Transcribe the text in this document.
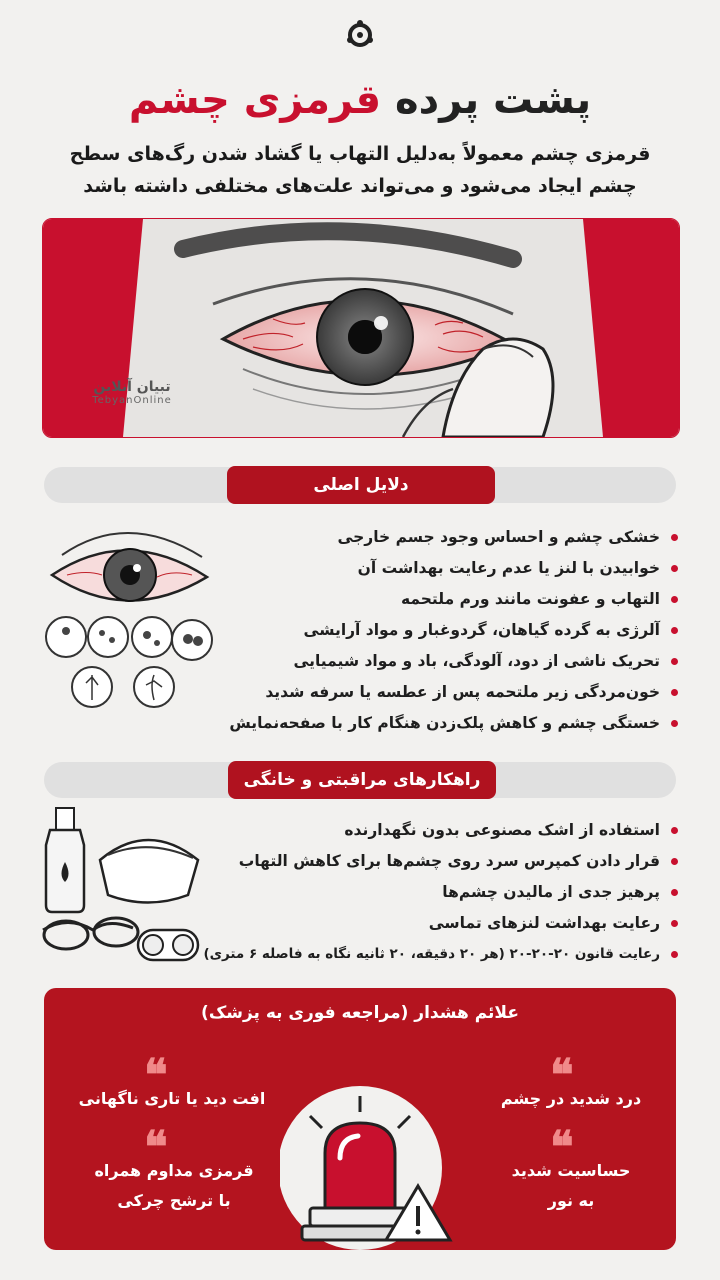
پشت پرده قرمزی چشم
قرمزی چشم معمولاً به‌دلیل التهاب یا گشاد شدن رگ‌های سطح
چشم ایجاد می‌شود و می‌تواند علت‌های مختلفی داشته باشد
تبیان آنلاین
TebyanOnline
دلایل اصلی
خشکی چشم و احساس وجود جسم خارجی
خوابیدن با لنز یا عدم رعایت بهداشت آن
التهاب و عفونت مانند ورم ملتحمه
آلرژی به گرده گیاهان، گردوغبار و مواد آرایشی
تحریک ناشی از دود، آلودگی، باد و مواد شیمیایی
خون‌مردگی زیر ملتحمه پس از عطسه یا سرفه شدید
خستگی چشم و کاهش پلک‌زدن هنگام کار با صفحه‌نمایش
راهکارهای مراقبتی و خانگی
استفاده از اشک مصنوعی بدون نگهدارنده
قرار دادن کمپرس سرد روی چشم‌ها برای کاهش التهاب
پرهیز جدی از مالیدن چشم‌ها
رعایت بهداشت لنزهای تماسی
رعایت قانون ۲۰-۲۰-۲۰ (هر ۲۰ دقیقه، ۲۰ ثانیه نگاه به فاصله ۶ متری)
علائم هشدار (مراجعه فوری به پزشک)
❝
❝
❝
❝
درد شدید در چشم
افت دید یا تاری ناگهانی
حساسیت شدید
به نور
قرمزی مداوم همراه
با ترشح چرکی
